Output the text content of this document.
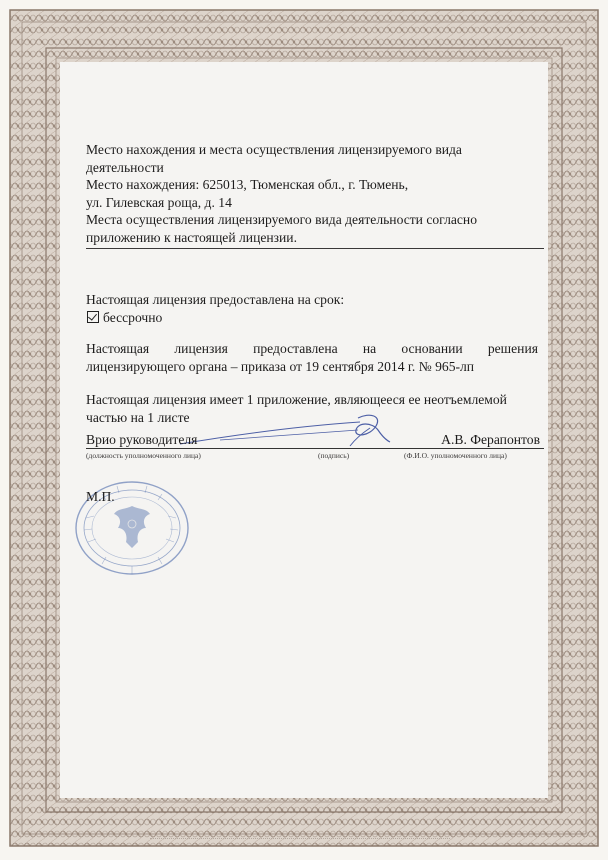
Место нахождения и места осуществления лицензируемого вида

деятельности

Место нахождения: 625013, Тюменская обл., г. Тюмень,

ул. Гилевская роща, д. 14

Места осуществления лицензируемого вида деятельности согласно

приложению к настоящей лицензии.

Настоящая лицензия предоставлена на срок:

бессрочно

Настоящая лицензия предоставлена на основании решения

лицензирующего органа – приказа от 19 сентября 2014 г. № 965-лп

Настоящая лицензия имеет 1 приложение, являющееся ее неотъемлемой

частью на 1 листе

Врио руководителя	А.В. Ферапонтов
(должность уполномоченного лица)	(подпись)	(Ф.И.О. уполномоченного лица)
М.П.
